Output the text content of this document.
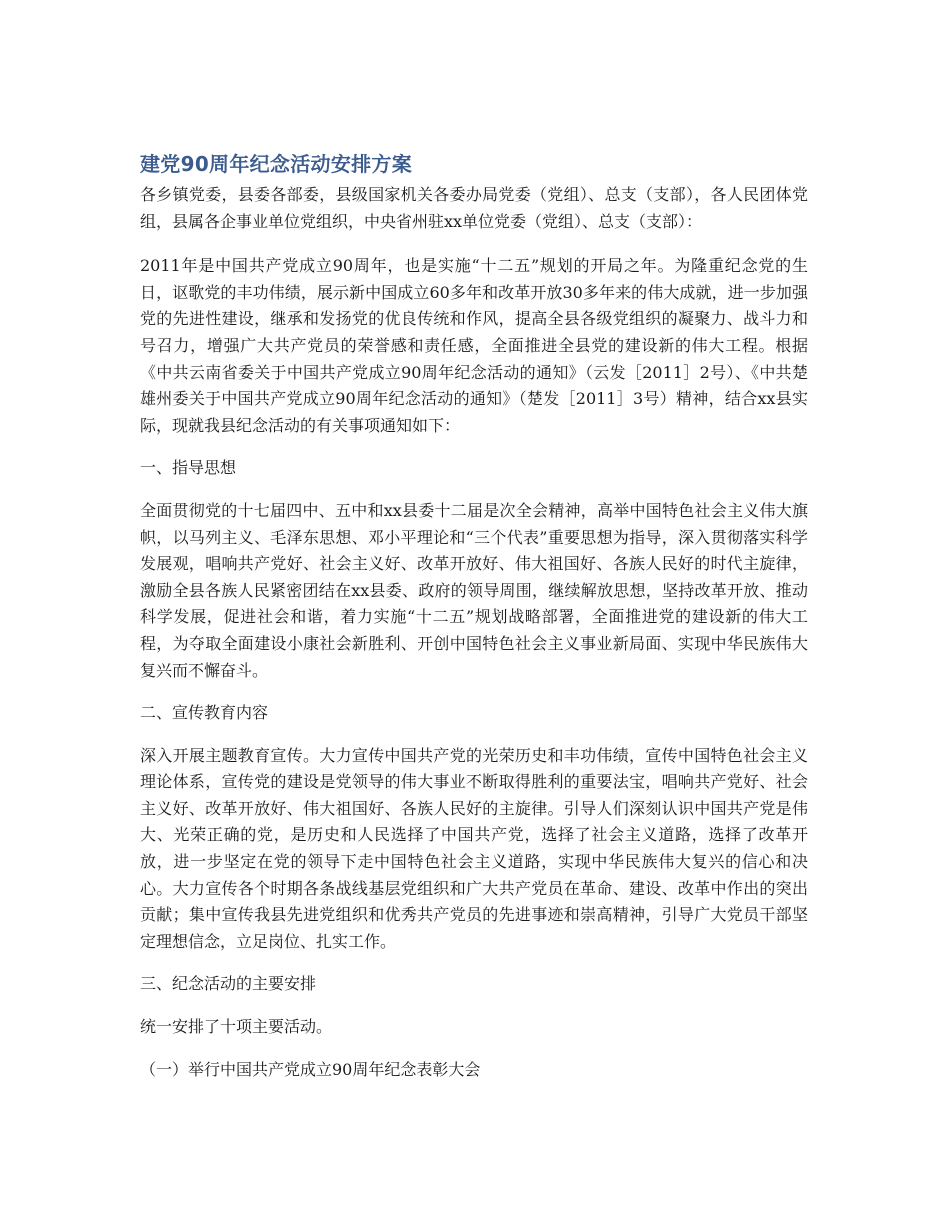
建党90周年纪念活动安排方案

各乡镇党委，县委各部委，县级国家机关各委办局党委（党组）、总支（支部），各人民团体党组，县属各企事业单位党组织，中央省州驻xx单位党委（党组）、总支（支部）：

2011年是中国共产党成立90周年，也是实施“十二五”规划的开局之年。为隆重纪念党的生日，讴歌党的丰功伟绩，展示新中国成立60多年和改革开放30多年来的伟大成就，进一步加强党的先进性建设，继承和发扬党的优良传统和作风，提高全县各级党组织的凝聚力、战斗力和号召力，增强广大共产党员的荣誉感和责任感，全面推进全县党的建设新的伟大工程。根据《中共云南省委关于中国共产党成立90周年纪念活动的通知》（云发［2011］2号）、《中共楚雄州委关于中国共产党成立90周年纪念活动的通知》（楚发［2011］3号）精神，结合xx县实际，现就我县纪念活动的有关事项通知如下：

一、指导思想

全面贯彻党的十七届四中、五中和xx县委十二届是次全会精神，高举中国特色社会主义伟大旗帜，以马列主义、毛泽东思想、邓小平理论和“三个代表”重要思想为指导，深入贯彻落实科学发展观，唱响共产党好、社会主义好、改革开放好、伟大祖国好、各族人民好的时代主旋律，激励全县各族人民紧密团结在xx县委、政府的领导周围，继续解放思想，坚持改革开放、推动科学发展，促进社会和谐，着力实施“十二五”规划战略部署，全面推进党的建设新的伟大工程，为夺取全面建设小康社会新胜利、开创中国特色社会主义事业新局面、实现中华民族伟大复兴而不懈奋斗。

二、宣传教育内容

深入开展主题教育宣传。大力宣传中国共产党的光荣历史和丰功伟绩，宣传中国特色社会主义理论体系，宣传党的建设是党领导的伟大事业不断取得胜利的重要法宝，唱响共产党好、社会主义好、改革开放好、伟大祖国好、各族人民好的主旋律。引导人们深刻认识中国共产党是伟大、光荣正确的党，是历史和人民选择了中国共产党，选择了社会主义道路，选择了改革开放，进一步坚定在党的领导下走中国特色社会主义道路，实现中华民族伟大复兴的信心和决心。大力宣传各个时期各条战线基层党组织和广大共产党员在革命、建设、改革中作出的突出贡献；集中宣传我县先进党组织和优秀共产党员的先进事迹和崇高精神，引导广大党员干部坚定理想信念，立足岗位、扎实工作。

三、纪念活动的主要安排

统一安排了十项主要活动。

（一）举行中国共产党成立90周年纪念表彰大会
